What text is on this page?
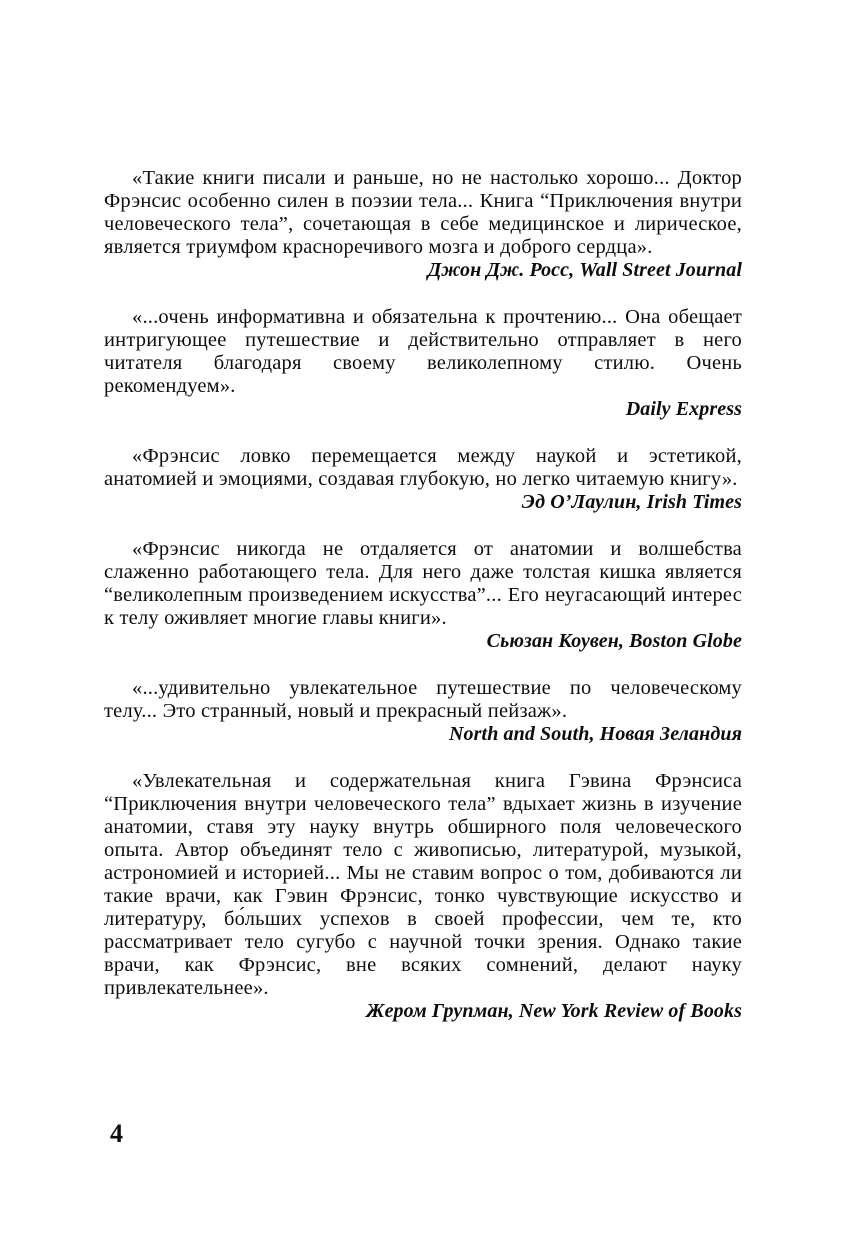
«Такие книги писали и раньше, но не настолько хорошо... Доктор Фрэнсис особенно силен в поэзии тела... Книга “Приключения внутри человеческого тела”, сочетающая в себе медицинское и лирическое, является триумфом красноречивого мозга и доброго сердца».

Джон Дж. Росс, Wall Street Journal

«...очень информативна и обязательна к прочтению... Она обещает интригующее путешествие и действительно отправляет в него читателя благодаря своему великолепному стилю. Очень рекомендуем».

Daily Express

«Фрэнсис ловко перемещается между наукой и эстетикой, анатомией и эмоциями, создавая глубокую, но легко читаемую книгу».

Эд О’Лаулин, Irish Times

«Фрэнсис никогда не отдаляется от анатомии и волшебства слаженно работающего тела. Для него даже толстая кишка является “великолепным произведением искусства”... Его неугасающий интерес к телу оживляет многие главы книги».

Сьюзан Коувен, Boston Globe

«...удивительно увлекательное путешествие по человеческому телу... Это странный, новый и прекрасный пейзаж».

North and South, Новая Зеландия

«Увлекательная и содержательная книга Гэвина Фрэнсиса “Приключения внутри человеческого тела” вдыхает жизнь в изучение анатомии, ставя эту науку внутрь обширного поля человеческого опыта. Автор объединят тело с живописью, литературой, музыкой, астрономией и историей... Мы не ставим вопрос о том, добиваются ли такие врачи, как Гэвин Фрэнсис, тонко чувствующие искусство и литературу, бо́льших успехов в своей профессии, чем те, кто рассматривает тело сугубо с научной точки зрения. Однако такие врачи, как Фрэнсис, вне всяких сомнений, делают науку привлекательнее».

Жером Групман, New York Review of Books

4
